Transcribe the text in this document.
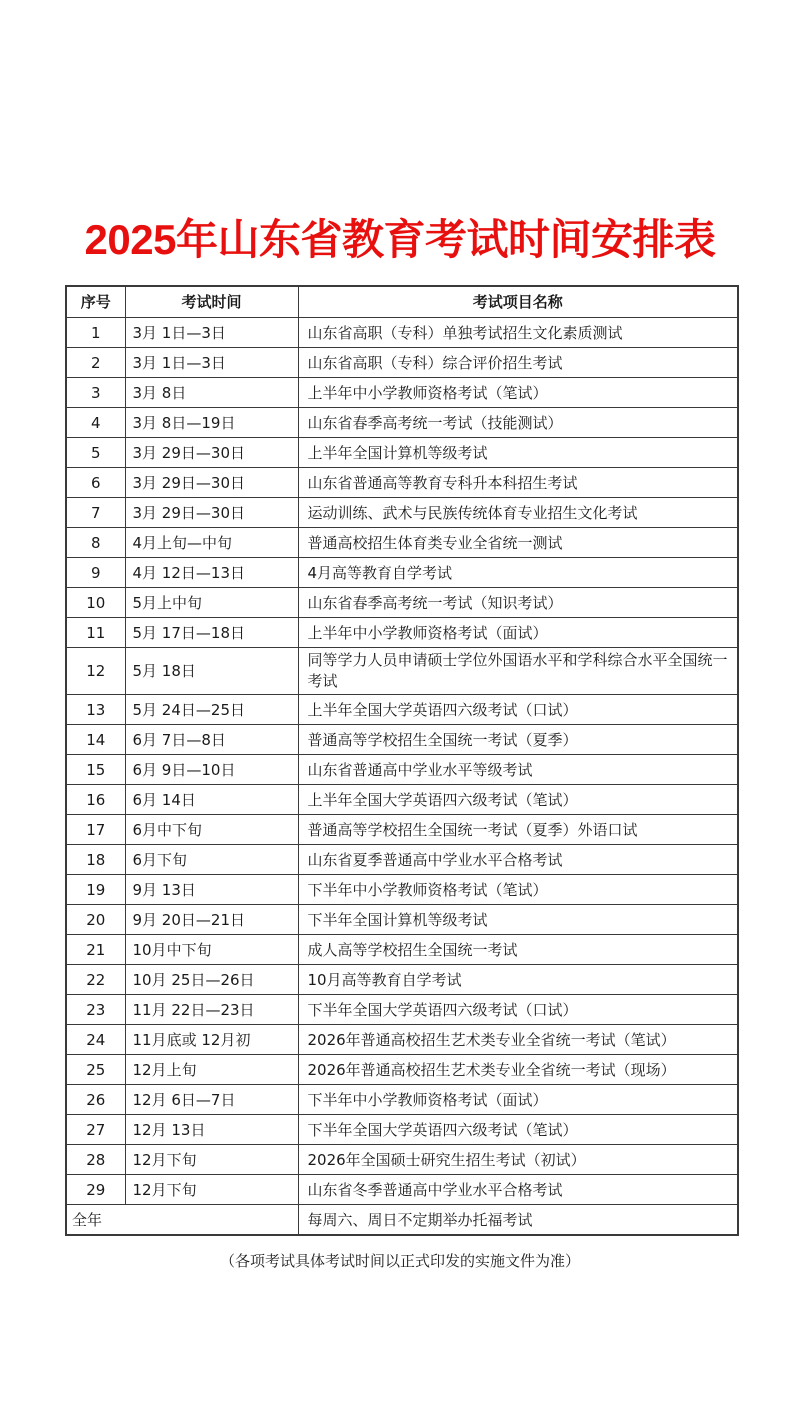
2025年山东省教育考试时间安排表
序号	考试时间	考试项目名称
1	3月 1日—3日	山东省高职（专科）单独考试招生文化素质测试
2	3月 1日—3日	山东省高职（专科）综合评价招生考试
3	3月 8日	上半年中小学教师资格考试（笔试）
4	3月 8日—19日	山东省春季高考统一考试（技能测试）
5	3月 29日—30日	上半年全国计算机等级考试
6	3月 29日—30日	山东省普通高等教育专科升本科招生考试
7	3月 29日—30日	运动训练、武术与民族传统体育专业招生文化考试
8	4月上旬—中旬	普通高校招生体育类专业全省统一测试
9	4月 12日—13日	4月高等教育自学考试
10	5月上中旬	山东省春季高考统一考试（知识考试）
11	5月 17日—18日	上半年中小学教师资格考试（面试）
12	5月 18日	同等学力人员申请硕士学位外国语水平和学科综合水平全国统一考试
13	5月 24日—25日	上半年全国大学英语四六级考试（口试）
14	6月 7日—8日	普通高等学校招生全国统一考试（夏季）
15	6月 9日—10日	山东省普通高中学业水平等级考试
16	6月 14日	上半年全国大学英语四六级考试（笔试）
17	6月中下旬	普通高等学校招生全国统一考试（夏季）外语口试
18	6月下旬	山东省夏季普通高中学业水平合格考试
19	9月 13日	下半年中小学教师资格考试（笔试）
20	9月 20日—21日	下半年全国计算机等级考试
21	10月中下旬	成人高等学校招生全国统一考试
22	10月 25日—26日	10月高等教育自学考试
23	11月 22日—23日	下半年全国大学英语四六级考试（口试）
24	11月底或 12月初	2026年普通高校招生艺术类专业全省统一考试（笔试）
25	12月上旬	2026年普通高校招生艺术类专业全省统一考试（现场）
26	12月 6日—7日	下半年中小学教师资格考试（面试）
27	12月 13日	下半年全国大学英语四六级考试（笔试）
28	12月下旬	2026年全国硕士研究生招生考试（初试）
29	12月下旬	山东省冬季普通高中学业水平合格考试
全年		每周六、周日不定期举办托福考试
（各项考试具体考试时间以正式印发的实施文件为准）
